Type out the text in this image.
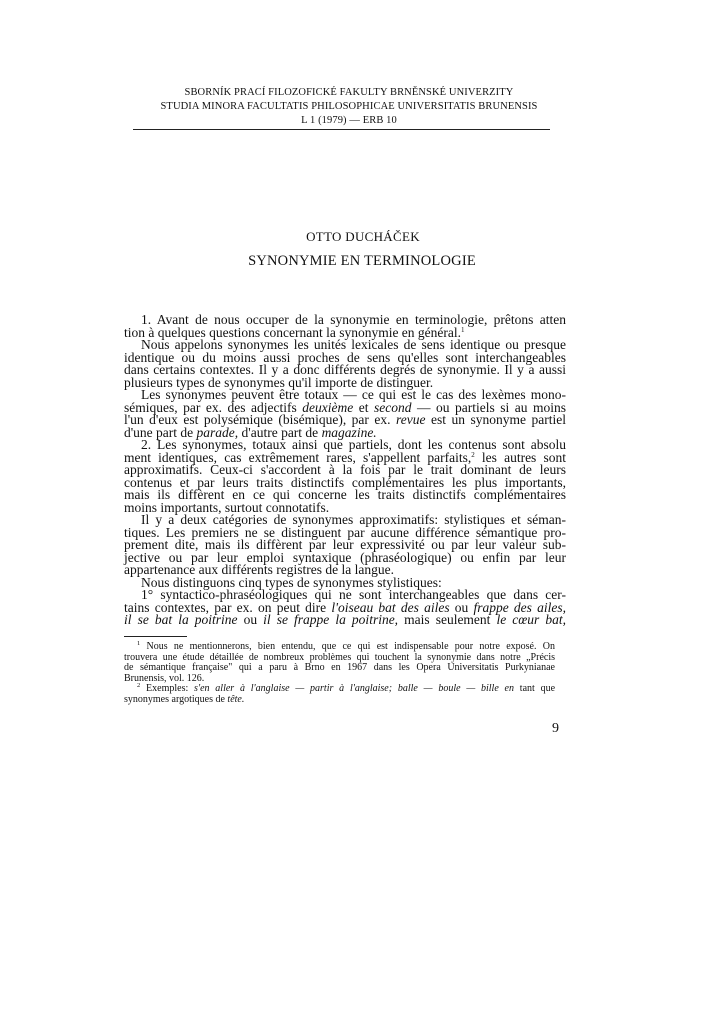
SBORNÍK PRACÍ FILOZOFICKÉ FAKULTY BRNĚNSKÉ UNIVERZITY
STUDIA MINORA FACULTATIS PHILOSOPHICAE UNIVERSITATIS BRUNENSIS
L 1 (1979) — ERB 10
OTTO DUCHÁČEK
SYNONYMIE EN TERMINOLOGIE
1. Avant de nous occuper de la synonymie en terminologie, prêtons atten
tion à quelques questions concernant la synonymie en général.$^1$
Nous appelons synonymes les unités lexicales de sens identique ou presque
identique ou du moins aussi proches de sens qu'elles sont interchangeables
dans certains contextes. Il y a donc différents degrés de synonymie. Il y a aussi
plusieurs types de synonymes qu'il importe de distinguer.
Les synonymes peuvent être totaux — ce qui est le cas des lexèmes mono-
sémiques, par ex. des adjectifs deuxième et second — ou partiels si au moins
l'un d'eux est polysémique (bisémique), par ex. revue est un synonyme partiel
d'une part de parade, d'autre part de magazine.
2. Les synonymes, totaux ainsi que partiels, dont les contenus sont absolu
ment identiques, cas extrêmement rares, s'appellent parfaits,$^2$ les autres sont
approximatifs. Ceux-ci s'accordent à la fois par le trait dominant de leurs
contenus et par leurs traits distinctifs complémentaires les plus importants,
mais ils diffèrent en ce qui concerne les traits distinctifs complémentaires
moins importants, surtout connotatifs.
Il y a deux catégories de synonymes approximatifs: stylistiques et séman-
tiques. Les premiers ne se distinguent par aucune différence sémantique pro-
prement dite, mais ils diffèrent par leur expressivité ou par leur valeur sub-
jective ou par leur emploi syntaxique (phraséologique) ou enfin par leur
appartenance aux différents registres de la langue.
Nous distinguons cinq types de synonymes stylistiques:
1° syntactico-phraséologiques qui ne sont interchangeables que dans cer-
tains contextes, par ex. on peut dire l'oiseau bat des ailes ou frappe des ailes,
il se bat la poitrine ou il se frappe la poitrine, mais seulement le cœur bat,
$^1$ Nous ne mentionnerons, bien entendu, que ce qui est indispensable pour notre exposé. On
trouvera une étude détaillée de nombreux problèmes qui touchent la synonymie dans notre „Précis
de sémantique française" qui a paru à Brno en 1967 dans les Opera Universitatis Purkynianae
Brunensis, vol. 126.
$^2$ Exemples: s'en aller à l'anglaise — partir à l'anglaise; balle — boule — bille en tant que
synonymes argotiques de tête.
9
